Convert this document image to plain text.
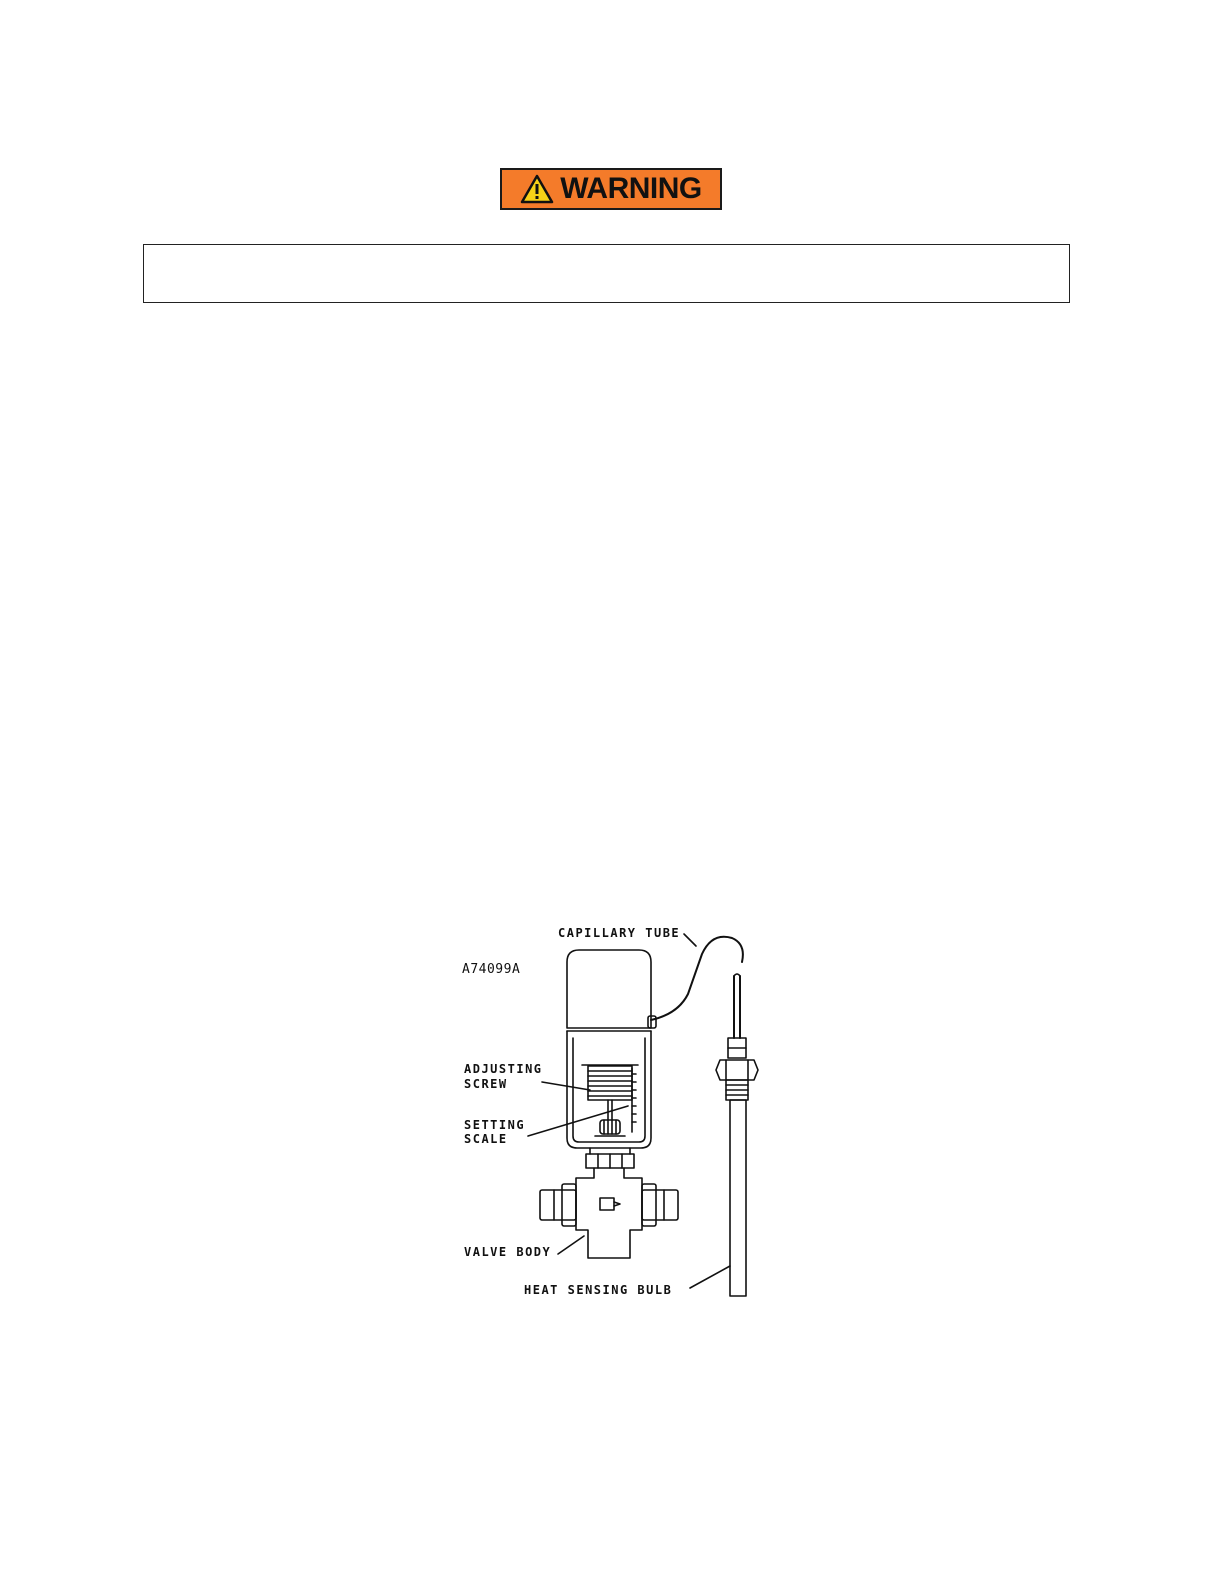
WARNING
CAPILLARY TUBE
A74099A
ADJUSTING
SCREW
SETTING
SCALE
VALVE BODY
HEAT SENSING BULB
